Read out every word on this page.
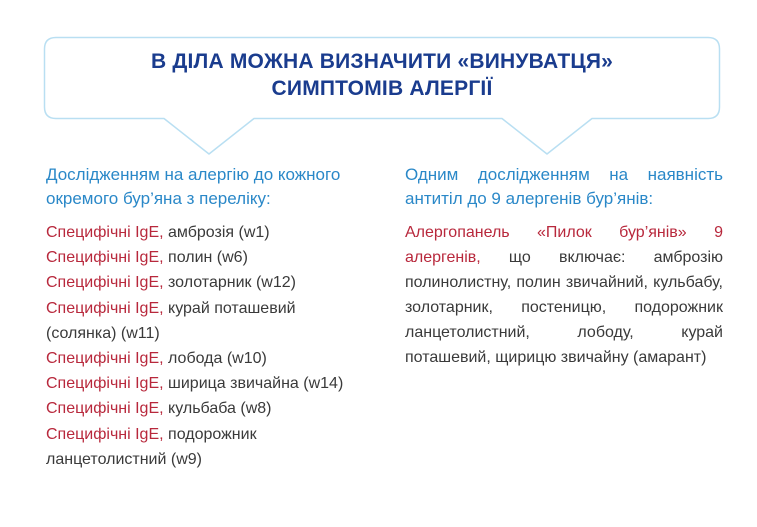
В ДІЛА МОЖНА ВИЗНАЧИТИ «ВИНУВАТЦЯ»
СИМПТОМІВ АЛЕРГІЇ
Дослідженням на алергію до кожного окремого бур’яна з переліку:
Специфічні IgE, амброзія (w1)
Специфічні IgE, полин (w6)
Специфічні IgE, золотарник (w12)
Специфічні IgE, курай поташевий (солянка) (w11)
Специфічні IgE, лобода (w10)
Специфічні IgE, ширица звичайна (w14)
Специфічні IgE, кульбаба (w8)
Специфічні IgE, подорожник ланцетолистний (w9)
Одним дослідженням на наявність антитіл до 9 алергенів бур’янів:

Алергопанель «Пилок бур’янів» 9 алергенів, що включає: амброзію полинолистну, полин звичайний, кульбабу, золотарник, постеницю, подорожник ланцетолистний, лободу, курай поташевий, щирицю звичайну (амарант)
